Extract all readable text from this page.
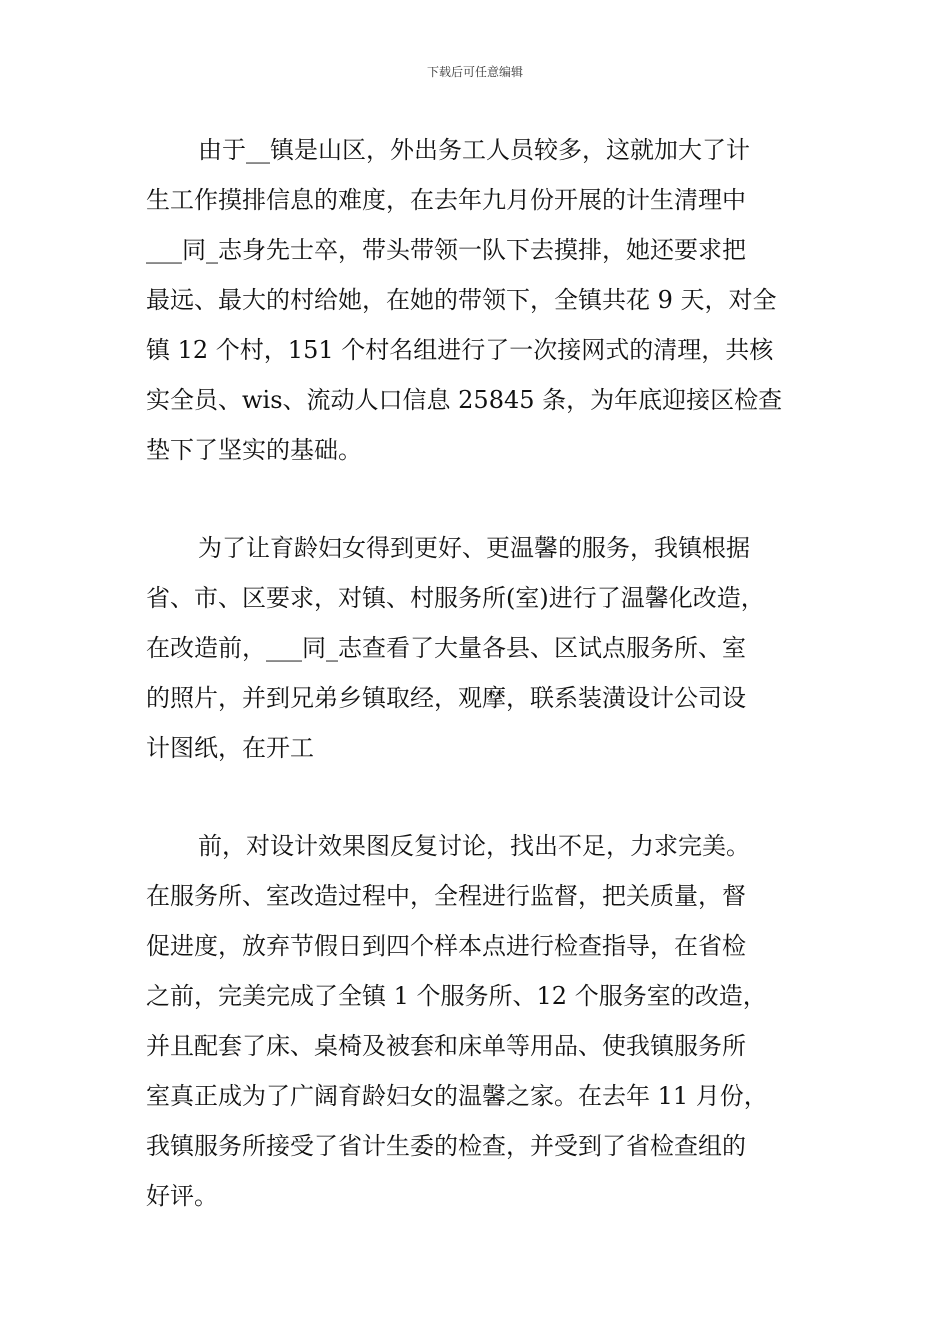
下载后可任意编辑
由于__镇是山区，外出务工人员较多，这就加大了计
生工作摸排信息的难度，在去年九月份开展的计生清理中
___同_志身先士卒，带头带领一队下去摸排，她还要求把
最远、最大的村给她，在她的带领下，全镇共花 9 天，对全
镇 12 个村，151 个村名组进行了一次接网式的清理，共核
实全员、wis、流动人口信息 25845 条，为年底迎接区检查
垫下了坚实的基础。
为了让育龄妇女得到更好、更温馨的服务，我镇根据
省、市、区要求，对镇、村服务所(室)进行了温馨化改造，
在改造前，___同_志查看了大量各县、区试点服务所、室
的照片，并到兄弟乡镇取经，观摩，联系装潢设计公司设
计图纸，在开工
前，对设计效果图反复讨论，找出不足，力求完美。
在服务所、室改造过程中，全程进行监督，把关质量，督
促进度，放弃节假日到四个样本点进行检查指导，在省检
之前，完美完成了全镇 1 个服务所、12 个服务室的改造，
并且配套了床、桌椅及被套和床单等用品、使我镇服务所
室真正成为了广阔育龄妇女的温馨之家。在去年 11 月份，
我镇服务所接受了省计生委的检查，并受到了省检查组的
好评。
